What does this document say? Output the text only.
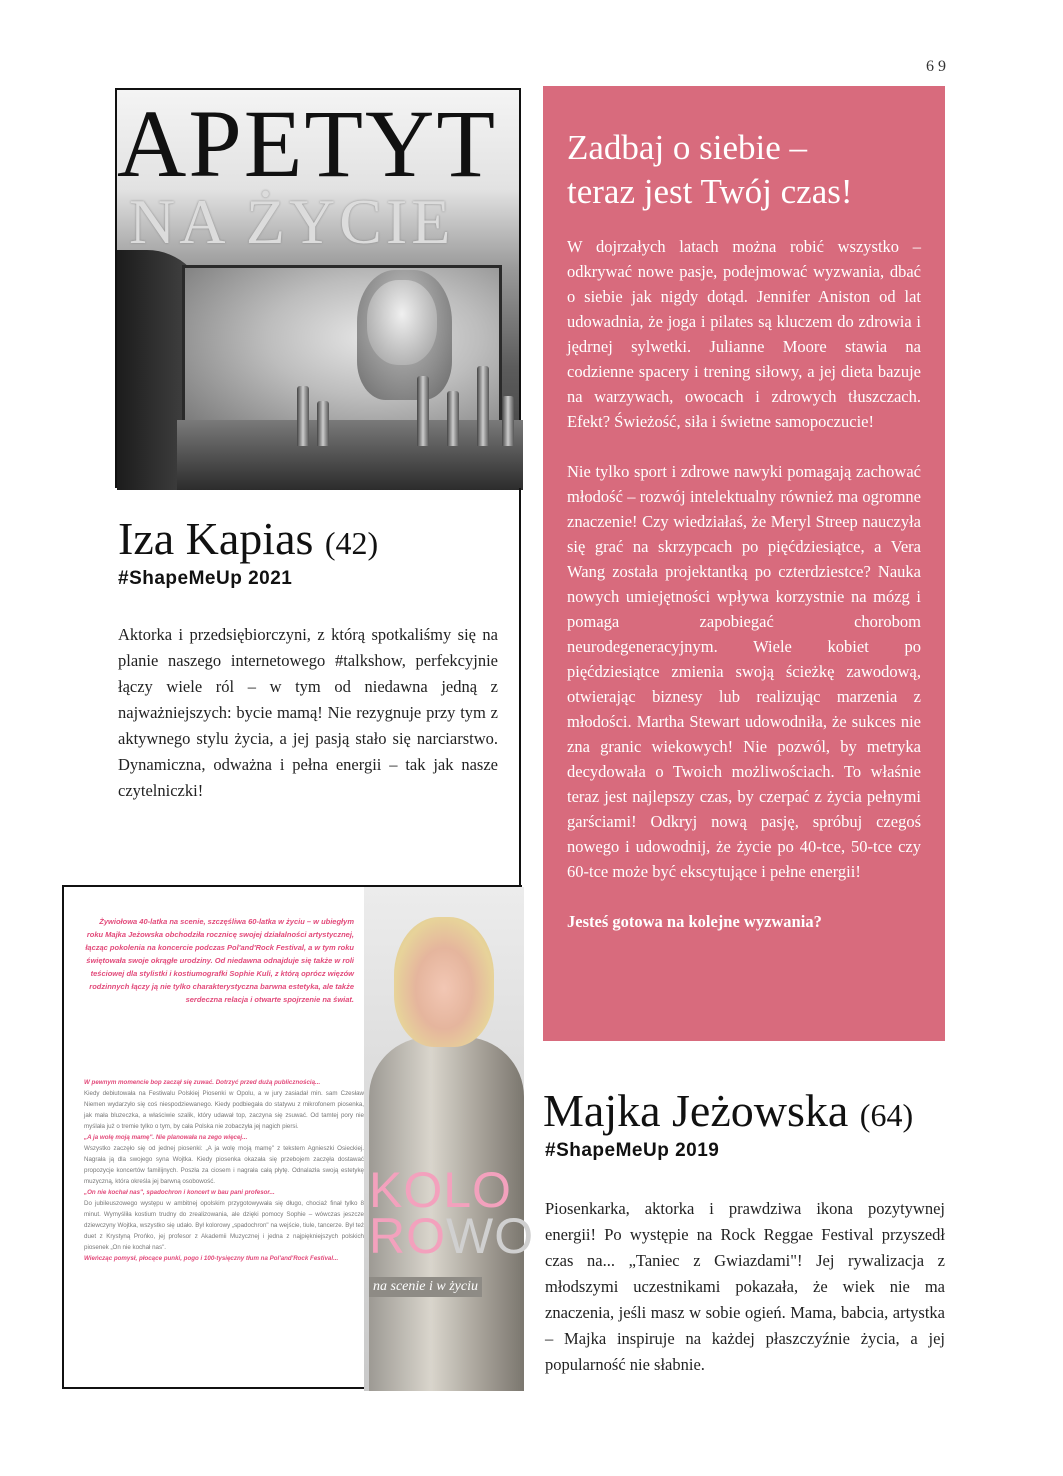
69
APETYT
NA ŻYCIE
Iza Kapias (42)
#ShapeMeUp 2021
Aktorka i przedsiębiorczyni, z którą spotkaliśmy się na planie naszego internetowego #talkshow, perfekcyjnie łączy wiele ról – w tym od niedawna jedną z najważniejszych: bycie mamą! Nie rezygnuje przy tym z aktywnego stylu życia, a jej pasją stało się narciarstwo. Dynamiczna, odważna i pełna energii – tak jak nasze czytelniczki!
Zadbaj o siebie –
teraz jest Twój czas!

W dojrzałych latach można robić wszystko – odkrywać nowe pasje, podejmować wyzwania, dbać o siebie jak nigdy dotąd. Jennifer Aniston od lat udowadnia, że joga i pilates są kluczem do zdrowia i jędrnej sylwetki. Julianne Moore stawia na codzienne spacery i trening siłowy, a jej dieta bazuje na warzywach, owocach i zdrowych tłuszczach. Efekt? Świeżość, siła i świetne samopoczucie!

Nie tylko sport i zdrowe nawyki pomagają zachować młodość – rozwój intelektualny również ma ogromne znaczenie! Czy wiedziałaś, że Meryl Streep nauczyła się grać na skrzypcach po pięćdziesiątce, a Vera Wang została projektantką po czterdziestce? Nauka nowych umiejętności wpływa korzystnie na mózg i pomaga zapobiegać chorobom neurodegeneracyjnym. Wiele kobiet po pięćdziesiątce zmienia swoją ścieżkę zawodową, otwierając biznesy lub realizując marzenia z młodości. Martha Stewart udowodniła, że sukces nie zna granic wiekowych! Nie pozwól, by metryka decydowała o Twoich możliwościach. To właśnie teraz jest najlepszy czas, by czerpać z życia pełnymi garściami! Odkryj nową pasję, spróbuj czegoś nowego i udowodnij, że życie po 40-tce, 50-tce czy 60-tce może być ekscytujące i pełne energii!

Jesteś gotowa na kolejne wyzwania?

Żywiołowa 40-latka na scenie, szczęśliwa 60-latka w życiu – w ubiegłym roku Majka Jeżowska obchodziła rocznicę swojej działalności artystycznej, łącząc pokolenia na koncercie podczas Pol'and'Rock Festival, a w tym roku świętowała swoje okrągłe urodziny. Od niedawna odnajduje się także w roli teściowej dla stylistki i kostiumografki Sophie Kuli, z którą oprócz więzów rodzinnych łączy ją nie tylko charakterystyczna barwna estetyka, ale także serdeczna relacja i otwarte spojrzenie na świat.
W pewnym momencie bop zaczął się zuwać. Dotrzyć przed dużą publicznością...
Kiedy debiutowała na Festiwalu Polskiej Piosenki w Opolu, a w jury zasiadał min. sam Czesław Niemen wydarzyło się coś niespodziewanego. Kiedy podbiegała do statywu z mikrofonem piosenka, jak mała bluzeczka, a właściwie szalik, który udawał top, zaczyna się zsuwać. Od tamtej pory nie myślała już o tremie tylko o tym, by cała Polska nie zobaczyła jej nagich piersi.
„A ja wolę moją mamę". Nie planowała na zego więcej...
Wszystko zaczęło się od jednej piosenki: „A ja wolę moją mamę" z tekstem Agnieszki Osieckiej. Nagrała ją dla swojego syna Wojtka. Kiedy piosenka okazała się przebojem zaczęła dostawać propozycje koncertów familijnych. Poszła za ciosem i nagrała całą płytę. Odnalazła swoją estetykę muzyczną, która określa jej barwną osobowość.
„On nie kochał nas", spadochron i koncert w bau pani profesor...
Do jubileuszowego występu w ambitnej opolskim przygotowywała się długo, chociaż finał tylko 8 minut. Wymyśliła kostium trudny do zrealizowania, ale dzięki pomocy Sophie – wówczas jeszcze dziewczyny Wojtka, wszystko się udało. Był kolorowy „spadochron" na wejście, tiule, tancerze. Był też duet z Krystyną Prońko, jej profesor z Akademii Muzycznej i jedna z najpiękniejszych polskich piosenek „On nie kochał nas".
Wieńcząc pomysł, płocące punki, pogo i 100-tysięczny tłum na Pol'and'Rock Festival...
KOLO
ROWO
na scenie i w życiu
Majka Jeżowska (64)
#ShapeMeUp 2019
Piosenkarka, aktorka i prawdziwa ikona pozytywnej energii! Po występie na Rock Reggae Festival przyszedł czas na... „Taniec z Gwiazdami"! Jej rywalizacja z młodszymi uczestnikami pokazała, że wiek nie ma znaczenia, jeśli masz w sobie ogień. Mama, babcia, artystka – Majka inspiruje na każdej płaszczyźnie życia, a jej popularność nie słabnie.
